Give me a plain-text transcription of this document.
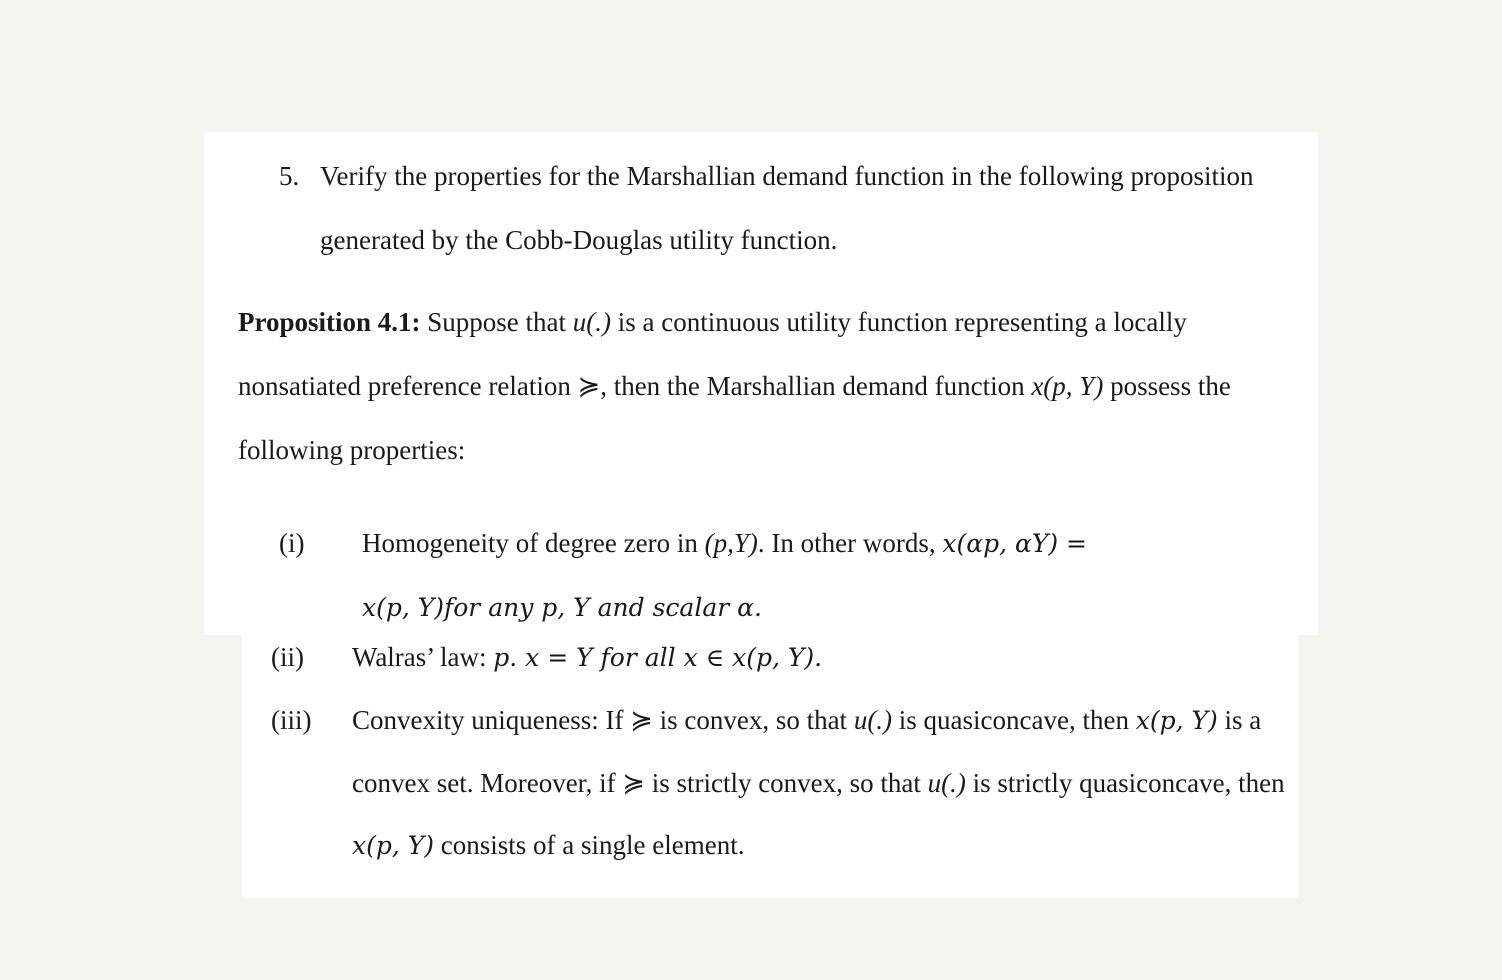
5. Verify the properties for the Marshallian demand function in the following proposition
generated by the Cobb-Douglas utility function.
Proposition 4.1: Suppose that u(.) is a continuous utility function representing a locally
nonsatiated preference relation ≽, then the Marshallian demand function x(p, Y) possess the
following properties:
(i) Homogeneity of degree zero in (p,Y). In other words, x(αp, αY) =
x(p, Y)for any p, Y and scalar α.
(ii) Walras’ law: p. x = Y for all x ∈ x(p, Y).
(iii) Convexity uniqueness: If ≽ is convex, so that u(.) is quasiconcave, then x(p, Y) is a
convex set. Moreover, if ≽ is strictly convex, so that u(.) is strictly quasiconcave, then
x(p, Y) consists of a single element.
